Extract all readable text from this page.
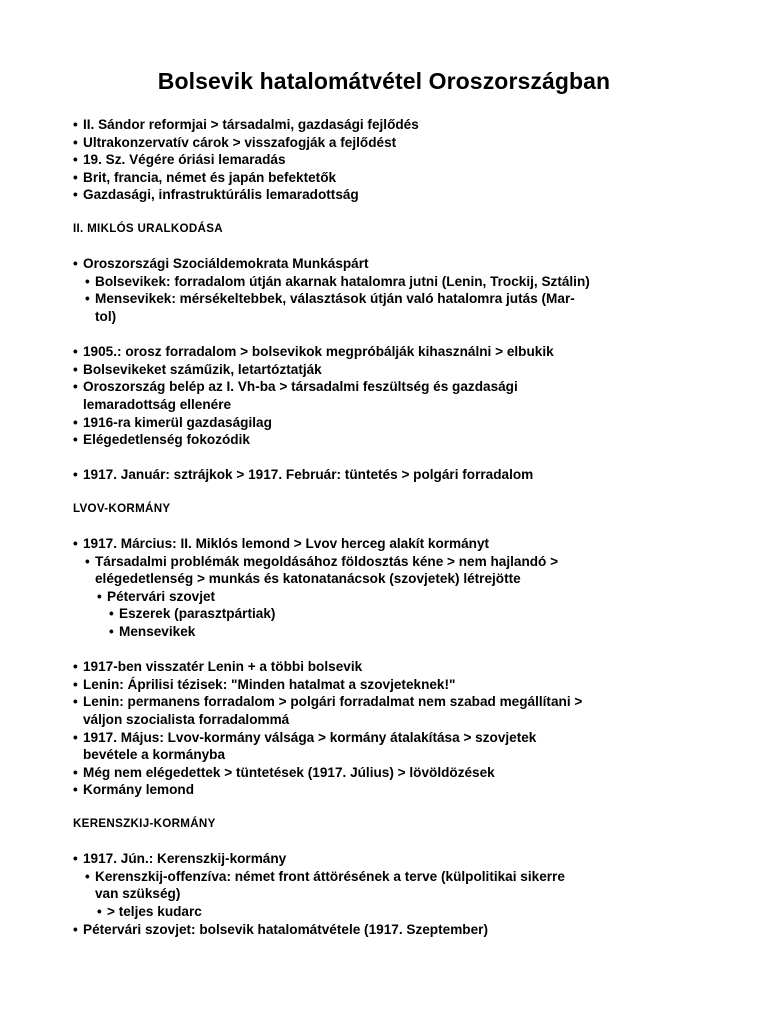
Bolsevik hatalomátvétel Oroszországban
• II. Sándor reformjai > társadalmi, gazdasági fejlődés
• Ultrakonzervatív cárok > visszafogják a fejlődést
• 19. Sz. Végére óriási lemaradás
• Brit, francia, német és japán befektetők
• Gazdasági, infrastruktúrális lemaradottság
II. MIKLÓS URALKODÁSA
• Oroszországi Szociáldemokrata Munkáspárt
• Bolsevikek: forradalom útján akarnak hatalomra jutni (Lenin, Trockij, Sztálin)
• Mensevikek: mérsékeltebbek, választások útján való hatalomra jutás (Mar-
tol)
• 1905.: orosz forradalom > bolsevikok megpróbálják kihasználni > elbukik
• Bolsevikeket száműzik, letartóztatják
• Oroszország belép az I. Vh-ba > társadalmi feszültség és gazdasági
lemaradottság ellenére
• 1916-ra kimerül gazdaságilag
• Elégedetlenség fokozódik
• 1917. Január: sztrájkok > 1917. Február: tüntetés > polgári forradalom
LVOV-KORMÁNY
• 1917. Március: II. Miklós lemond > Lvov herceg alakít kormányt
• Társadalmi problémák megoldásához földosztás kéne > nem hajlandó >
elégedetlenség > munkás és katonatanácsok (szovjetek) létrejötte
• Pétervári szovjet
• Eszerek (parasztpártiak)
• Mensevikek
• 1917-ben visszatér Lenin + a többi bolsevik
• Lenin: Áprilisi tézisek: "Minden hatalmat a szovjeteknek!"
• Lenin: permanens forradalom > polgári forradalmat nem szabad megállítani >
váljon szocialista forradalommá
• 1917. Május: Lvov-kormány válsága > kormány átalakítása > szovjetek
bevétele a kormányba
• Még nem elégedettek > tüntetések (1917. Július) > lövöldözések
• Kormány lemond
KERENSZKIJ-KORMÁNY
• 1917. Jún.: Kerenszkij-kormány
• Kerenszkij-offenzíva: német front áttörésének a terve (külpolitikai sikerre
van szükség)
• > teljes kudarc
• Pétervári szovjet: bolsevik hatalomátvétele (1917. Szeptember)
